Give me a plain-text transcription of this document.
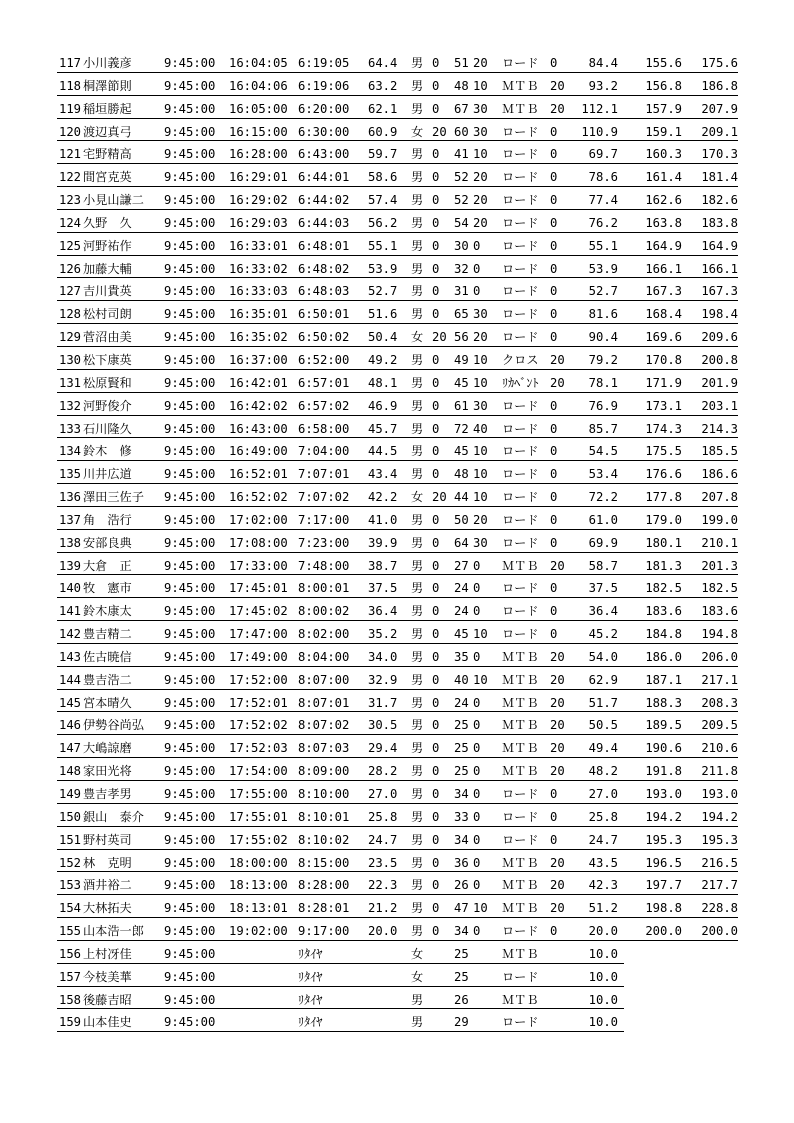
117 小川義彦	9:45:00 16:04:05 6:19:05 64.4 男 0 51 20 ロード 0	84.4	155.6	175.6
118 桐澤節則	9:45:00 16:04:06 6:19:06 63.2 男 0 48 10 ＭＴＢ 20	93.2	156.8	186.8
119 稲垣勝起	9:45:00 16:05:00 6:20:00 62.1 男 0 67 30 ＭＴＢ 20 112.1	157.9	207.9
120 渡辺真弓	9:45:00 16:15:00 6:30:00 60.9 女 20 60 30 ロード 0 110.9	159.1	209.1
121 宅野精高	9:45:00 16:28:00 6:43:00 59.7 男 0 41 10 ロード 0	69.7	160.3	170.3
122 間宮克英	9:45:00 16:29:01 6:44:01 58.6 男 0 52 20 ロード 0	78.6	161.4	181.4
123 小見山謙二 9:45:00 16:29:02 6:44:02 57.4 男 0 52 20 ロード 0	77.4	162.6	182.6
124 久野　久	9:45:00 16:29:03 6:44:03 56.2 男 0 54 20 ロード 0	76.2	163.8	183.8
125 河野祐作	9:45:00 16:33:01 6:48:01 55.1 男 0 30 0 ロード 0	55.1	164.9	164.9
126 加藤大輔	9:45:00 16:33:02 6:48:02 53.9 男 0 32 0 ロード 0	53.9	166.1	166.1
127 吉川貴英	9:45:00 16:33:03 6:48:03 52.7 男 0 31 0 ロード 0	52.7	167.3	167.3
128 松村司朗	9:45:00 16:35:01 6:50:01 51.6 男 0 65 30 ロード 0	81.6	168.4	198.4
129 菅沼由美	9:45:00 16:35:02 6:50:02 50.4 女 20 56 20 ロード 0	90.4	169.6	209.6
130 松下康英	9:45:00 16:37:00 6:52:00 49.2 男 0 49 10 クロス 20	79.2	170.8	200.8
131 松原賢和	9:45:00 16:42:01 6:57:01 48.1 男 0 45 10 ﾘｶﾍﾞﾝﾄ 20	78.1	171.9	201.9
132 河野俊介	9:45:00 16:42:02 6:57:02 46.9 男 0 61 30 ロード 0	76.9	173.1	203.1
133 石川隆久	9:45:00 16:43:00 6:58:00 45.7 男 0 72 40 ロード 0	85.7	174.3	214.3
134 鈴木　修	9:45:00 16:49:00 7:04:00 44.5 男 0 45 10 ロード 0	54.5	175.5	185.5
135 川井広道	9:45:00 16:52:01 7:07:01 43.4 男 0 48 10 ロード 0	53.4	176.6	186.6
136 澤田三佐子 9:45:00 16:52:02 7:07:02 42.2 女 20 44 10 ロード 0	72.2	177.8	207.8
137 角　浩行	9:45:00 17:02:00 7:17:00 41.0 男 0 50 20 ロード 0	61.0	179.0	199.0
138 安部良典	9:45:00 17:08:00 7:23:00 39.9 男 0 64 30 ロード 0	69.9	180.1	210.1
139 大倉　正	9:45:00 17:33:00 7:48:00 38.7 男 0 27 0 ＭＴＢ 20	58.7	181.3	201.3
140 牧　憲市	9:45:00 17:45:01 8:00:01 37.5 男 0 24 0 ロード 0	37.5	182.5	182.5
141 鈴木康太	9:45:00 17:45:02 8:00:02 36.4 男 0 24 0 ロード 0	36.4	183.6	183.6
142 豊吉精二	9:45:00 17:47:00 8:02:00 35.2 男 0 45 10 ロード 0	45.2	184.8	194.8
143 佐古暁信	9:45:00 17:49:00 8:04:00 34.0 男 0 35 0 ＭＴＢ 20	54.0	186.0	206.0
144 豊吉浩二	9:45:00 17:52:00 8:07:00 32.9 男 0 40 10 ＭＴＢ 20	62.9	187.1	217.1
145 宮本晴久	9:45:00 17:52:01 8:07:01 31.7 男 0 24 0 ＭＴＢ 20	51.7	188.3	208.3
146 伊勢谷尚弘 9:45:00 17:52:02 8:07:02 30.5 男 0 25 0 ＭＴＢ 20	50.5	189.5	209.5
147 大嶋諒磨	9:45:00 17:52:03 8:07:03 29.4 男 0 25 0 ＭＴＢ 20	49.4	190.6	210.6
148 家田光将	9:45:00 17:54:00 8:09:00 28.2 男 0 25 0 ＭＴＢ 20	48.2	191.8	211.8
149 豊吉孝男	9:45:00 17:55:00 8:10:00 27.0 男 0 34 0 ロード 0	27.0	193.0	193.0
150 銀山　泰介 9:45:00 17:55:01 8:10:01 25.8 男 0 33 0 ロード 0	25.8	194.2	194.2
151 野村英司	9:45:00 17:55:02 8:10:02 24.7 男 0 34 0 ロード 0	24.7	195.3	195.3
152 林　克明	9:45:00 18:00:00 8:15:00 23.5 男 0 36 0 ＭＴＢ 20	43.5	196.5	216.5
153 酒井裕二	9:45:00 18:13:00 8:28:00 22.3 男 0 26 0 ＭＴＢ 20	42.3	197.7	217.7
154 大林拓夫	9:45:00 18:13:01 8:28:01 21.2 男 0 47 10 ＭＴＢ 20	51.2	198.8	228.8
155 山本浩一郎 9:45:00 19:02:00 9:17:00 20.0 男 0 34 0 ロード 0	20.0	200.0	200.0
156 上村冴佳	9:45:00	ﾘﾀｲﾔ	女	25	ＭＴＢ	10.0
157 今枝美華	9:45:00	ﾘﾀｲﾔ	女	25	ロード	10.0
158 後藤吉昭	9:45:00	ﾘﾀｲﾔ	男	26	ＭＴＢ	10.0
159 山本佳史	9:45:00	ﾘﾀｲﾔ	男	29	ロード	10.0
